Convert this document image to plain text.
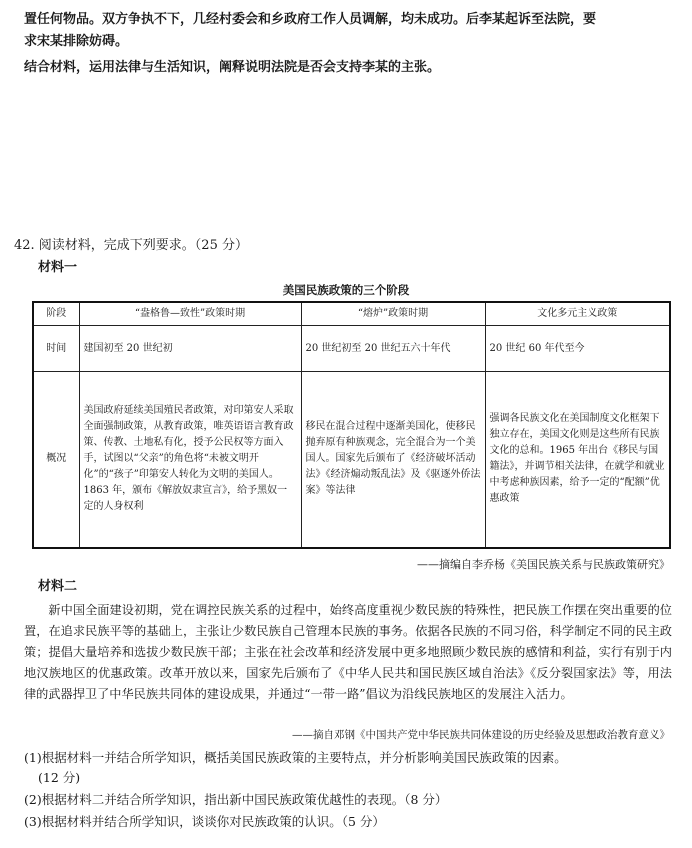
置任何物品。双方争执不下，几经村委会和乡政府工作人员调解，均未成功。后李某起诉至法院，要
求宋某排除妨碍。
结合材料，运用法律与生活知识，阐释说明法院是否会支持李某的主张。
42. 阅读材料，完成下列要求。（25 分）
材料一
美国民族政策的三个阶段
阶段	“盎格鲁—致性”政策时期	“熔炉”政策时期	文化多元主义政策
时间	建国初至 20 世纪初	20 世纪初至 20 世纪五六十年代	20 世纪 60 年代至今
概况	美国政府延续美国殖民者政策，对印第安人采取全面强制政策，从教育政策，唯英语语言教育政策、传教、土地私有化，授予公民权等方面入手，试图以“父亲”的角色将“未被文明开化”的“孩子”印第安人转化为文明的美国人。1863 年，颁布《解放奴隶宣言》，给予黑奴一定的人身权利	移民在混合过程中逐渐美国化，使移民抛弃原有种族观念，完全混合为一个美国人。国家先后颁布了《经济破坏活动法》《经济煽动叛乱法》及《驱逐外侨法案》等法律	强调各民族文化在美国制度文化框架下独立存在，美国文化则是这些所有民族文化的总和。1965 年出台《移民与国籍法》，并调节相关法律，在就学和就业中考虑种族因素，给予一定的“配额”优惠政策
——摘编自李乔杨《美国民族关系与民族政策研究》
材料二
新中国全面建设初期，党在调控民族关系的过程中，始终高度重视少数民族的特殊性，把民族工作摆在突出重要的位置，在追求民族平等的基础上，主张让少数民族自己管理本民族的事务。依据各民族的不同习俗，科学制定不同的民主政策；提倡大量培养和选拔少数民族干部；主张在社会改革和经济发展中更多地照顾少数民族的感情和利益，实行有别于内地汉族地区的优惠政策。改革开放以来，国家先后颁布了《中华人民共和国民族区域自治法》《反分裂国家法》等，用法律的武器捍卫了中华民族共同体的建设成果，并通过“一带一路”倡议为沿线民族地区的发展注入活力。
——摘自邓钢《中国共产党中华民族共同体建设的历史经验及思想政治教育意义》
(1)根据材料一并结合所学知识，概括美国民族政策的主要特点，并分析影响美国民族政策的因素。
(12 分)
(2)根据材料二并结合所学知识，指出新中国民族政策优越性的表现。（8 分）
(3)根据材料并结合所学知识，谈谈你对民族政策的认识。（5 分）
